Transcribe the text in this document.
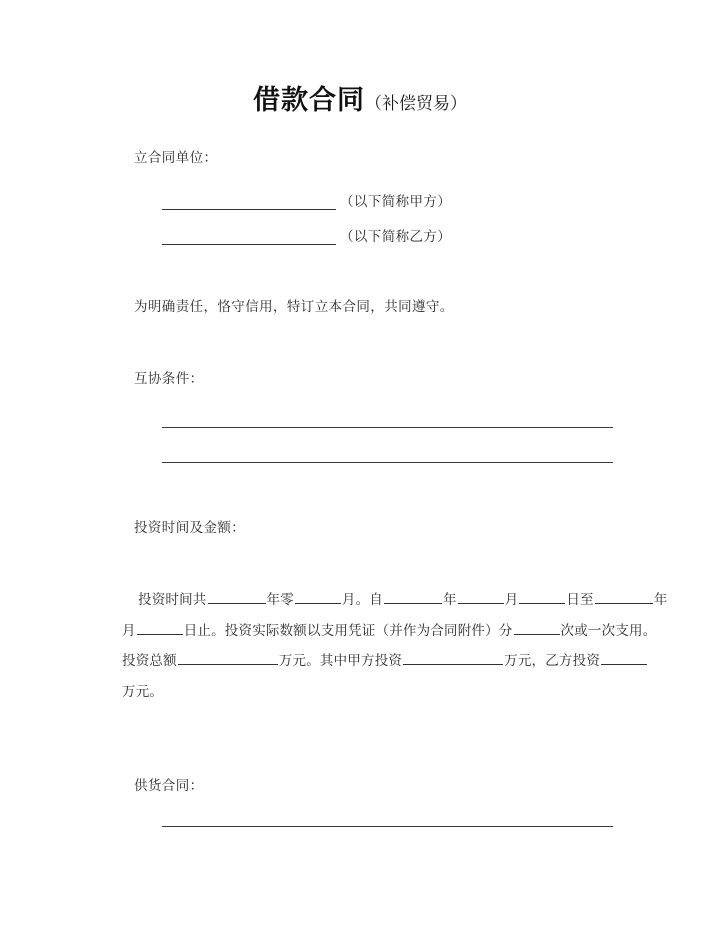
借款合同（补偿贸易）
立合同单位：
（以下简称甲方）
（以下简称乙方）
为明确责任，恪守信用，特订立本合同，共同遵守。
互协条件：
投资时间及金额：
投资时间共	年零	月。自	年	月	日至	年
月	日止。投资实际数额以支用凭证（并作为合同附件）分	次或一次支用。
投资总额	万元。其中甲方投资	万元，乙方投资
万元。
供货合同：
